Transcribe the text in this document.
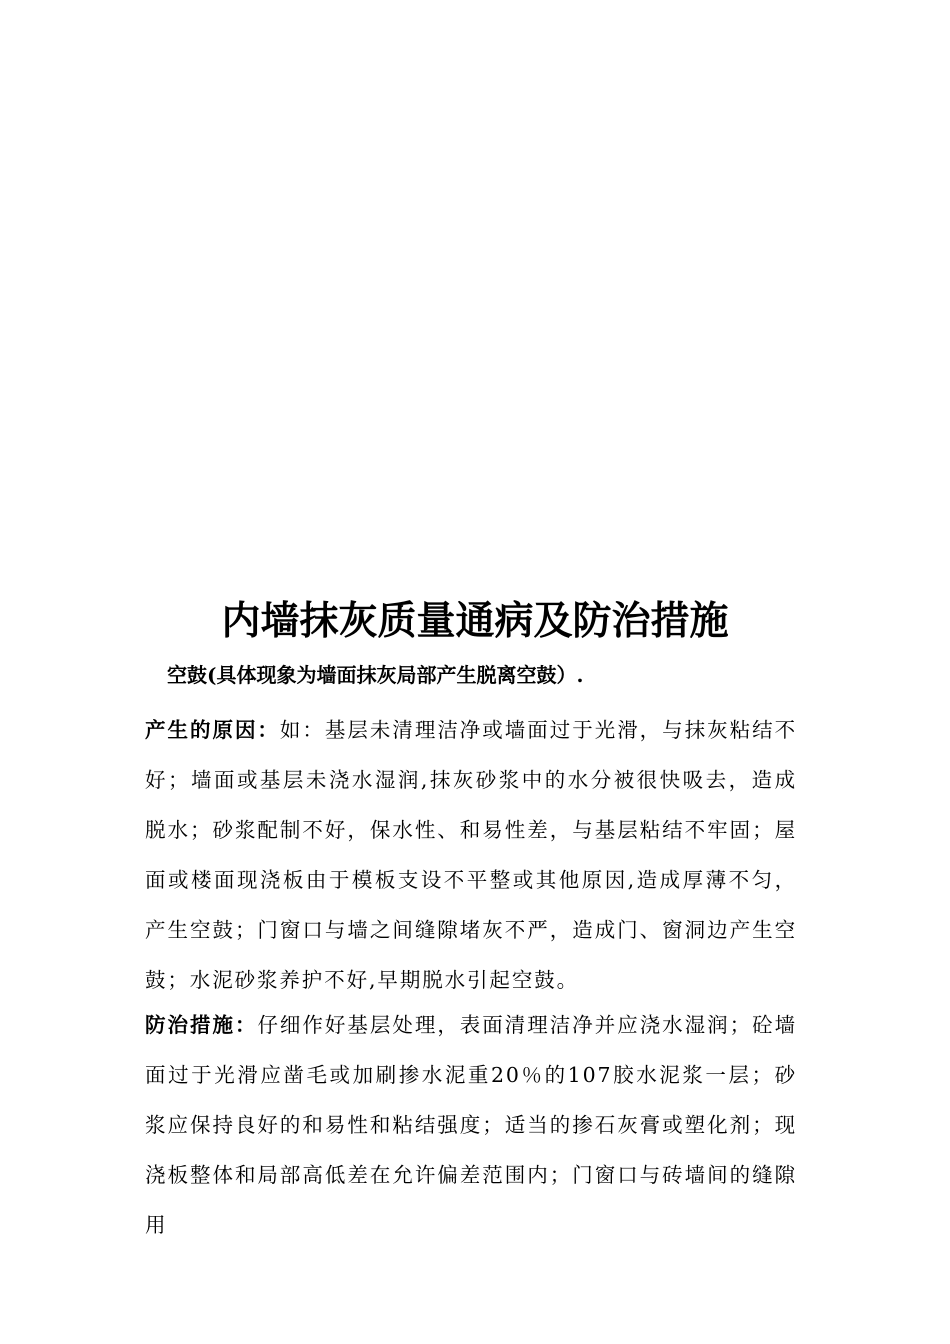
内墙抹灰质量通病及防治措施

空鼓(具体现象为墙面抹灰局部产生脱离空鼓）.

产生的原因：如：基层未清理洁净或墙面过于光滑，与抹灰粘结不好；墙面或基层未浇水湿润,抹灰砂浆中的水分被很快吸去，造成脱水；砂浆配制不好，保水性、和易性差，与基层粘结不牢固；屋面或楼面现浇板由于模板支设不平整或其他原因,造成厚薄不匀，产生空鼓；门窗口与墙之间缝隙堵灰不严，造成门、窗洞边产生空鼓；水泥砂浆养护不好,早期脱水引起空鼓。

防治措施：仔细作好基层处理，表面清理洁净并应浇水湿润；砼墙面过于光滑应凿毛或加刷掺水泥重20％的107胶水泥浆一层；砂浆应保持良好的和易性和粘结强度；适当的掺石灰膏或塑化剂；现浇板整体和局部高低差在允许偏差范围内；门窗口与砖墙间的缝隙用
